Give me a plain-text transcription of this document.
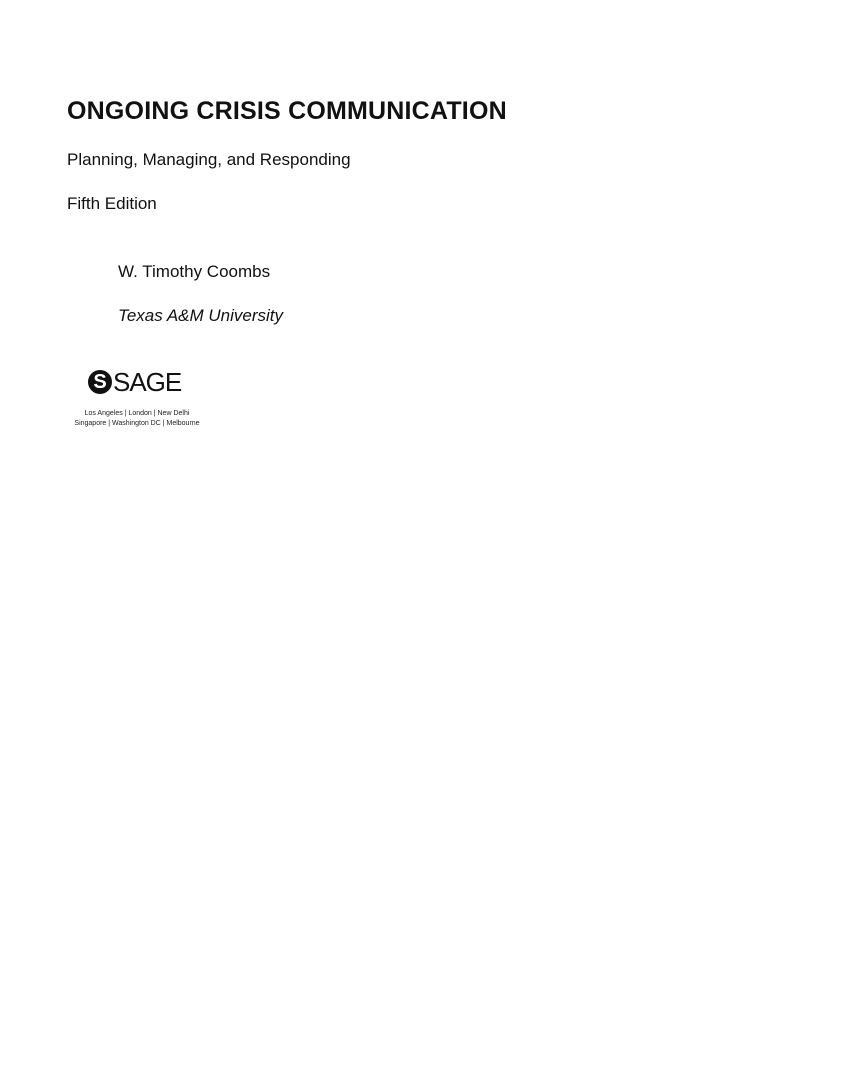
ONGOING CRISIS COMMUNICATION

Planning, Managing, and Responding

Fifth Edition

W. Timothy Coombs

Texas A&M University

S SAGE
Los Angeles | London | New Delhi
Singapore | Washington DC | Melbourne
